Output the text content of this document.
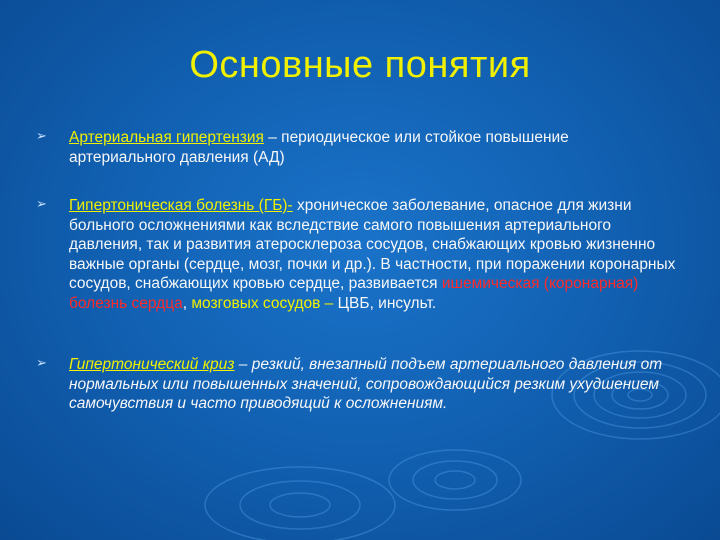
Основные понятия
➢ Артериальная гипертензия – периодическое или стойкое повышение артериального давления (АД)
➢ Гипертоническая болезнь (ГБ)- хроническое заболевание, опасное для жизни больного осложнениями как вследствие самого повышения артериального давления, так и развития атеросклероза сосудов, снабжающих кровью жизненно важные органы (сердце, мозг, почки и др.). В частности, при поражении коронарных сосудов, снабжающих кровью сердце, развивается ишемическая (коронарная) болезнь сердца, мозговых сосудов – ЦВБ, инсульт.
➢ Гипертонический криз – резкий, внезапный подъем артериального давления от нормальных или повышенных значений, сопровождающийся резким ухудшением самочувствия и часто приводящий к осложнениям.
